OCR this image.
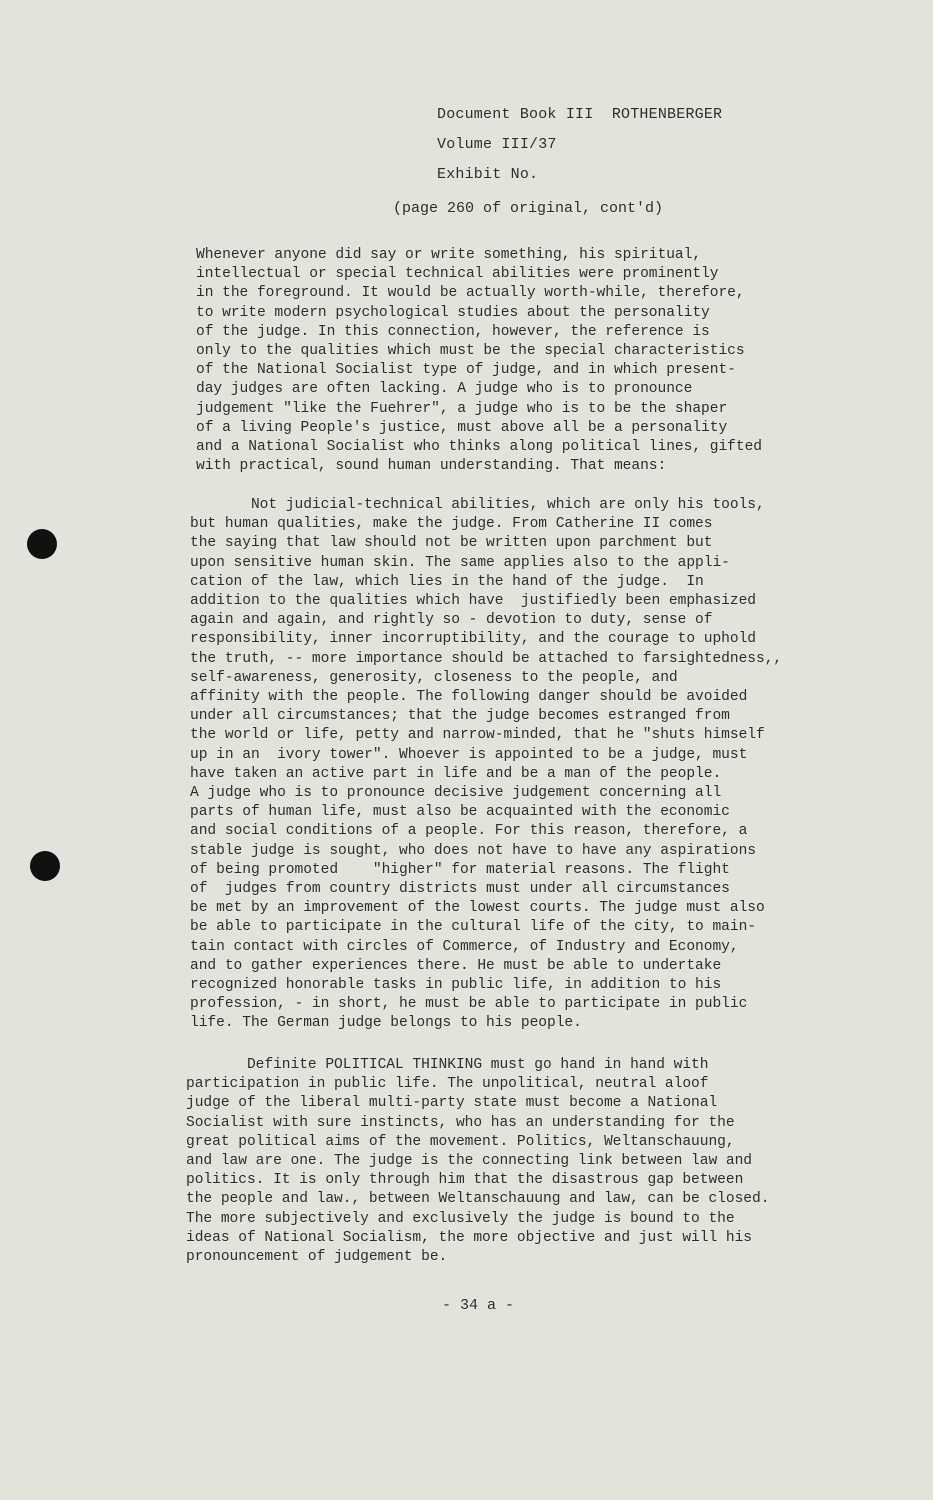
Document Book III  ROTHENBERGER
Volume III/37
Exhibit No.
(page 260 of original, cont'd)
Whenever anyone did say or write something, his spiritual,
intellectual or special technical abilities were prominently
in the foreground. It would be actually worth-while, therefore,
to write modern psychological studies about the personality
of the judge. In this connection, however, the reference is
only to the qualities which must be the special characteristics
of the National Socialist type of judge, and in which present-
day judges are often lacking. A judge who is to pronounce
judgement "like the Fuehrer", a judge who is to be the shaper
of a living People's justice, must above all be a personality
and a National Socialist who thinks along political lines, gifted
with practical, sound human understanding. That means:
Not judicial-technical abilities, which are only his tools,
but human qualities, make the judge. From Catherine II comes
the saying that law should not be written upon parchment but
upon sensitive human skin. The same applies also to the appli-
cation of the law, which lies in the hand of the judge.  In
addition to the qualities which have  justifiedly been emphasized
again and again, and rightly so - devotion to duty, sense of
responsibility, inner incorruptibility, and the courage to uphold
the truth, -- more importance should be attached to farsightedness,,
self-awareness, generosity, closeness to the people, and
affinity with the people. The following danger should be avoided
under all circumstances; that the judge becomes estranged from
the world or life, petty and narrow-minded, that he "shuts himself
up in an  ivory tower". Whoever is appointed to be a judge, must
have taken an active part in life and be a man of the people.
A judge who is to pronounce decisive judgement concerning all
parts of human life, must also be acquainted with the economic
and social conditions of a people. For this reason, therefore, a
stable judge is sought, who does not have to have any aspirations
of being promoted    "higher" for material reasons. The flight
of  judges from country districts must under all circumstances
be met by an improvement of the lowest courts. The judge must also
be able to participate in the cultural life of the city, to main-
tain contact with circles of Commerce, of Industry and Economy,
and to gather experiences there. He must be able to undertake
recognized honorable tasks in public life, in addition to his
profession, - in short, he must be able to participate in public
life. The German judge belongs to his people.
Definite POLITICAL THINKING must go hand in hand with
participation in public life. The unpolitical, neutral aloof
judge of the liberal multi-party state must become a National
Socialist with sure instincts, who has an understanding for the
great political aims of the movement. Politics, Weltanschauung,
and law are one. The judge is the connecting link between law and
politics. It is only through him that the disastrous gap between
the people and law., between Weltanschauung and law, can be closed.
The more subjectively and exclusively the judge is bound to the
ideas of National Socialism, the more objective and just will his
pronouncement of judgement be.
- 34 a -
